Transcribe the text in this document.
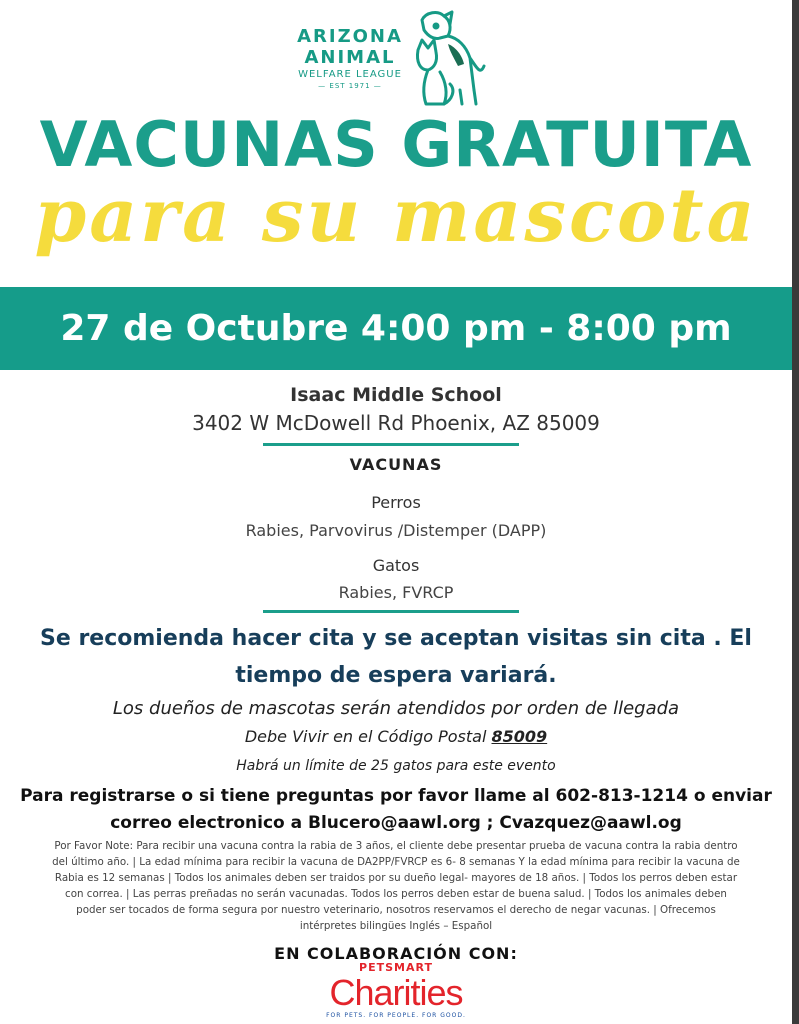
ARIZONA
ANIMAL
WELFARE LEAGUE
— EST 1971 —
VACUNAS GRATUITA
para su mascota
27 de Octubre 4:00 pm - 8:00 pm
Isaac Middle School
3402 W McDowell Rd Phoenix, AZ 85009
VACUNAS
Perros
Rabies, Parvovirus /Distemper (DAPP)
Gatos
Rabies, FVRCP
Se recomienda hacer cita y se aceptan visitas sin cita . El tiempo de espera variará.
Los dueños de mascotas serán atendidos por orden de llegada
Debe Vivir en el Código Postal 85009
Habrá un límite de 25 gatos para este evento
Para registrarse o si tiene preguntas por favor llame al 602-813-1214 o enviar correo electronico a Blucero@aawl.org ; Cvazquez@aawl.og
Por Favor Note: Para recibir una vacuna contra la rabia de 3 años, el cliente debe presentar prueba de vacuna contra la rabia dentro del último año. | La edad mínima para recibir la vacuna de DA2PP/FVRCP es 6- 8 semanas Y la edad mínima para recibir la vacuna de Rabia es 12 semanas | Todos los animales deben ser traidos por su dueño legal- mayores de 18 años. | Todos los perros deben estar con correa. | Las perras preñadas no serán vacunadas. Todos los perros deben estar de buena salud. | Todos los animales deben poder ser tocados de forma segura por nuestro veterinario, nosotros reservamos el derecho de negar vacunas. | Ofrecemos intérpretes bilingües Inglés – Español
EN COLABORACIÓN CON:
PETSMART
Charities
FOR PETS. FOR PEOPLE. FOR GOOD.
